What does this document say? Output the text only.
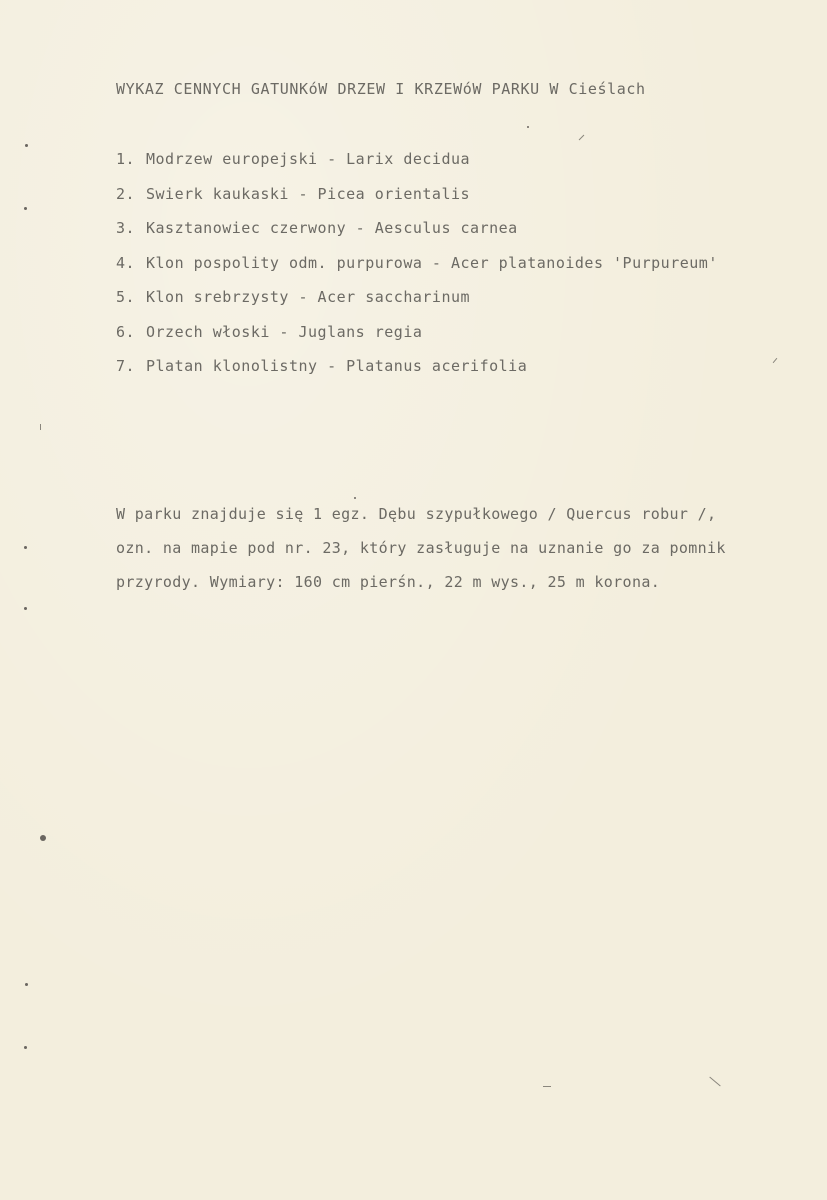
WYKAZ CENNYCH GATUNKóW DRZEW I KRZEWóW PARKU W Cieślach
1. Modrzew europejski - Larix decidua
2. Swierk kaukaski - Picea orientalis
3. Kasztanowiec czerwony - Aesculus carnea
4. Klon pospolity odm. purpurowa - Acer platanoides 'Purpureum'
5. Klon srebrzysty - Acer saccharinum
6. Orzech włoski - Juglans regia
7. Platan klonolistny - Platanus acerifolia
W parku znajduje się 1 egz. Dębu szypułkowego / Quercus robur /,
ozn. na mapie pod nr. 23, który zasługuje na uznanie go za pomnik
przyrody. Wymiary: 160 cm pierśn., 22 m wys., 25 m korona.
